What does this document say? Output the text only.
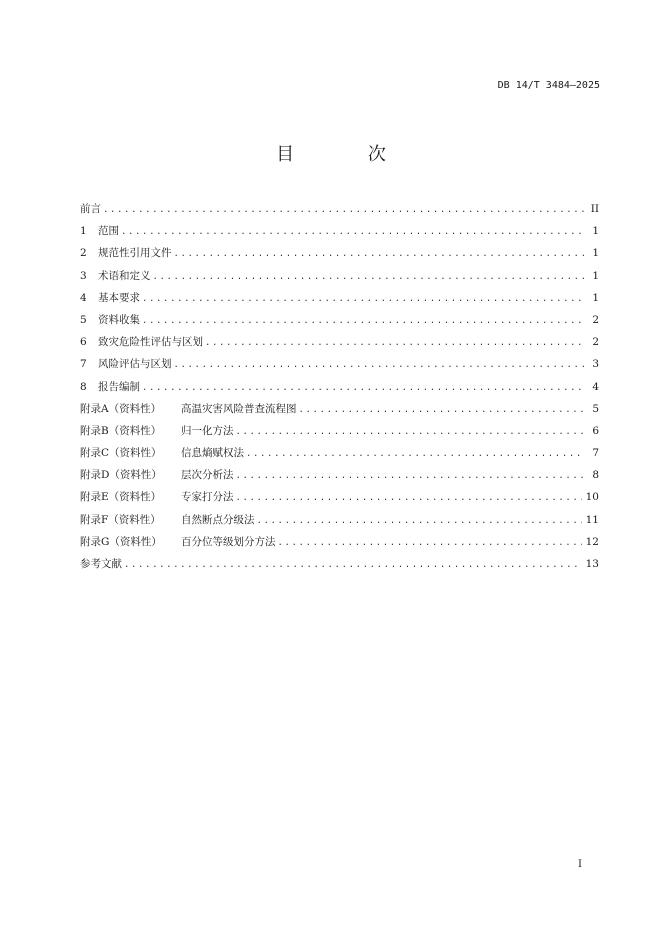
DB 14/T 3484—2025
目 次
前言 .....	II
1 范围 .....	1
2 规范性引用文件 .....	1
3 术语和定义 .....	1
4 基本要求 .....	1
5 资料收集 .....	2
6 致灾危险性评估与区划 .....	2
7 风险评估与区划 .....	3
8 报告编制 .....	4
附录A（资料性） 高温灾害风险普查流程图 .....	5
附录B（资料性） 归一化方法 .....	6
附录C（资料性） 信息熵赋权法 .....	7
附录D（资料性） 层次分析法 .....	8
附录E（资料性） 专家打分法 .....	10
附录F（资料性） 自然断点分级法 .....	11
附录G（资料性） 百分位等级划分方法 .....	12
参考文献 .....	13
I
